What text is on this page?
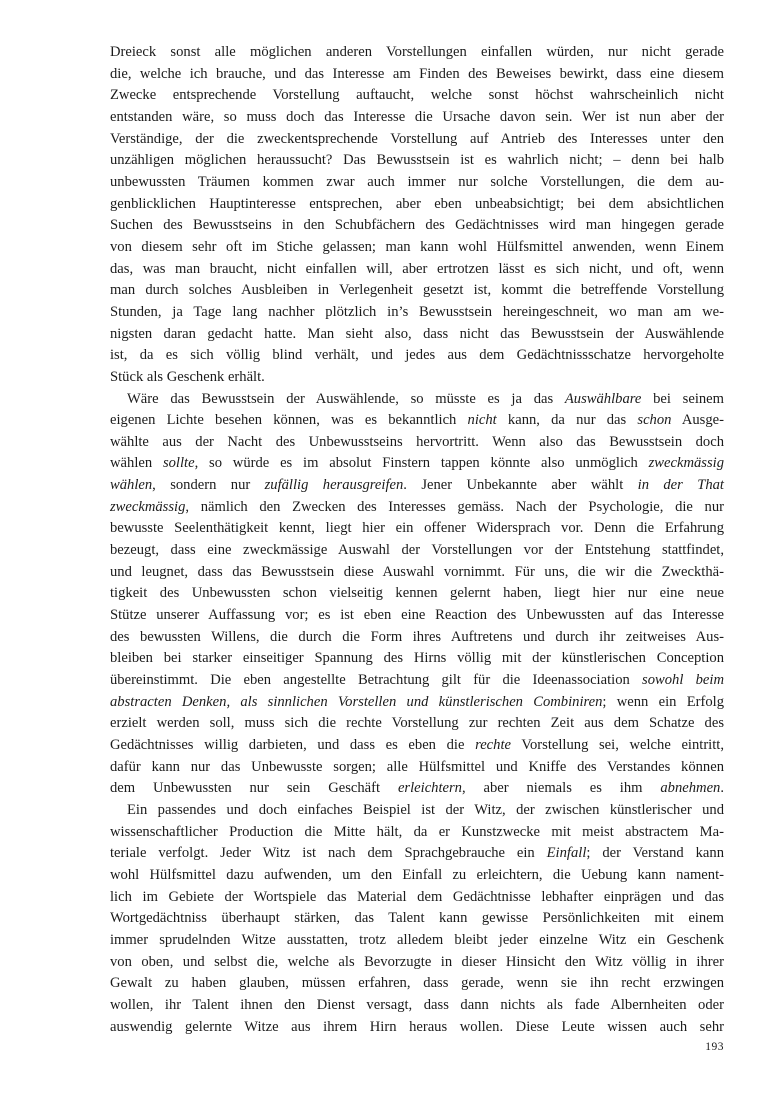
Dreieck sonst alle möglichen anderen Vorstellungen einfallen würden, nur nicht gerade
die, welche ich brauche, und das Interesse am Finden des Beweises bewirkt, dass eine diesem
Zwecke entsprechende Vorstellung auftaucht, welche sonst höchst wahrscheinlich nicht
entstanden wäre, so muss doch das Interesse die Ursache davon sein. Wer ist nun aber der
Verständige, der die zweckentsprechende Vorstellung auf Antrieb des Interesses unter den
unzähligen möglichen heraussucht? Das Bewusstsein ist es wahrlich nicht; – denn bei halb
unbewussten Träumen kommen zwar auch immer nur solche Vorstellungen, die dem au-
genblicklichen Hauptinteresse entsprechen, aber eben unbeabsichtigt; bei dem absichtlichen
Suchen des Bewusstseins in den Schubfächern des Gedächtnisses wird man hingegen gerade
von diesem sehr oft im Stiche gelassen; man kann wohl Hülfsmittel anwenden, wenn Einem
das, was man braucht, nicht einfallen will, aber ertrotzen lässt es sich nicht, und oft, wenn
man durch solches Ausbleiben in Verlegenheit gesetzt ist, kommt die betreffende Vorstellung
Stunden, ja Tage lang nachher plötzlich in’s Bewusstsein hereingeschneit, wo man am we-
nigsten daran gedacht hatte. Man sieht also, dass nicht das Bewusstsein der Auswählende
ist, da es sich völlig blind verhält, und jedes aus dem Gedächtnissschatze hervorgeholte
Stück als Geschenk erhält.
Wäre das Bewusstsein der Auswählende, so müsste es ja das Auswählbare bei seinem
eigenen Lichte besehen können, was es bekanntlich nicht kann, da nur das schon Ausge-
wählte aus der Nacht des Unbewusstseins hervortritt. Wenn also das Bewusstsein doch
wählen sollte, so würde es im absolut Finstern tappen könnte also unmöglich zweckmässig
wählen, sondern nur zufällig herausgreifen. Jener Unbekannte aber wählt in der That
zweckmässig, nämlich den Zwecken des Interesses gemäss. Nach der Psychologie, die nur
bewusste Seelenthätigkeit kennt, liegt hier ein offener Widersprach vor. Denn die Erfahrung
bezeugt, dass eine zweckmässige Auswahl der Vorstellungen vor der Entstehung stattfindet,
und leugnet, dass das Bewusstsein diese Auswahl vornimmt. Für uns, die wir die Zweckthä-
tigkeit des Unbewussten schon vielseitig kennen gelernt haben, liegt hier nur eine neue
Stütze unserer Auffassung vor; es ist eben eine Reaction des Unbewussten auf das Interesse
des bewussten Willens, die durch die Form ihres Auftretens und durch ihr zeitweises Aus-
bleiben bei starker einseitiger Spannung des Hirns völlig mit der künstlerischen Conception
übereinstimmt. Die eben angestellte Betrachtung gilt für die Ideenassociation sowohl beim
abstracten Denken, als sinnlichen Vorstellen und künstlerischen Combiniren; wenn ein Erfolg
erzielt werden soll, muss sich die rechte Vorstellung zur rechten Zeit aus dem Schatze des
Gedächtnisses willig darbieten, und dass es eben die rechte Vorstellung sei, welche eintritt,
dafür kann nur das Unbewusste sorgen; alle Hülfsmittel und Kniffe des Verstandes können
dem Unbewussten nur sein Geschäft erleichtern, aber niemals es ihm abnehmen.
Ein passendes und doch einfaches Beispiel ist der Witz, der zwischen künstlerischer und
wissenschaftlicher Production die Mitte hält, da er Kunstzwecke mit meist abstractem Ma-
teriale verfolgt. Jeder Witz ist nach dem Sprachgebrauche ein Einfall; der Verstand kann
wohl Hülfsmittel dazu aufwenden, um den Einfall zu erleichtern, die Uebung kann nament-
lich im Gebiete der Wortspiele das Material dem Gedächtnisse lebhafter einprägen und das
Wortgedächtniss überhaupt stärken, das Talent kann gewisse Persönlichkeiten mit einem
immer sprudelnden Witze ausstatten, trotz alledem bleibt jeder einzelne Witz ein Geschenk
von oben, und selbst die, welche als Bevorzugte in dieser Hinsicht den Witz völlig in ihrer
Gewalt zu haben glauben, müssen erfahren, dass gerade, wenn sie ihn recht erzwingen
wollen, ihr Talent ihnen den Dienst versagt, dass dann nichts als fade Albernheiten oder
auswendig gelernte Witze aus ihrem Hirn heraus wollen. Diese Leute wissen auch sehr
193
